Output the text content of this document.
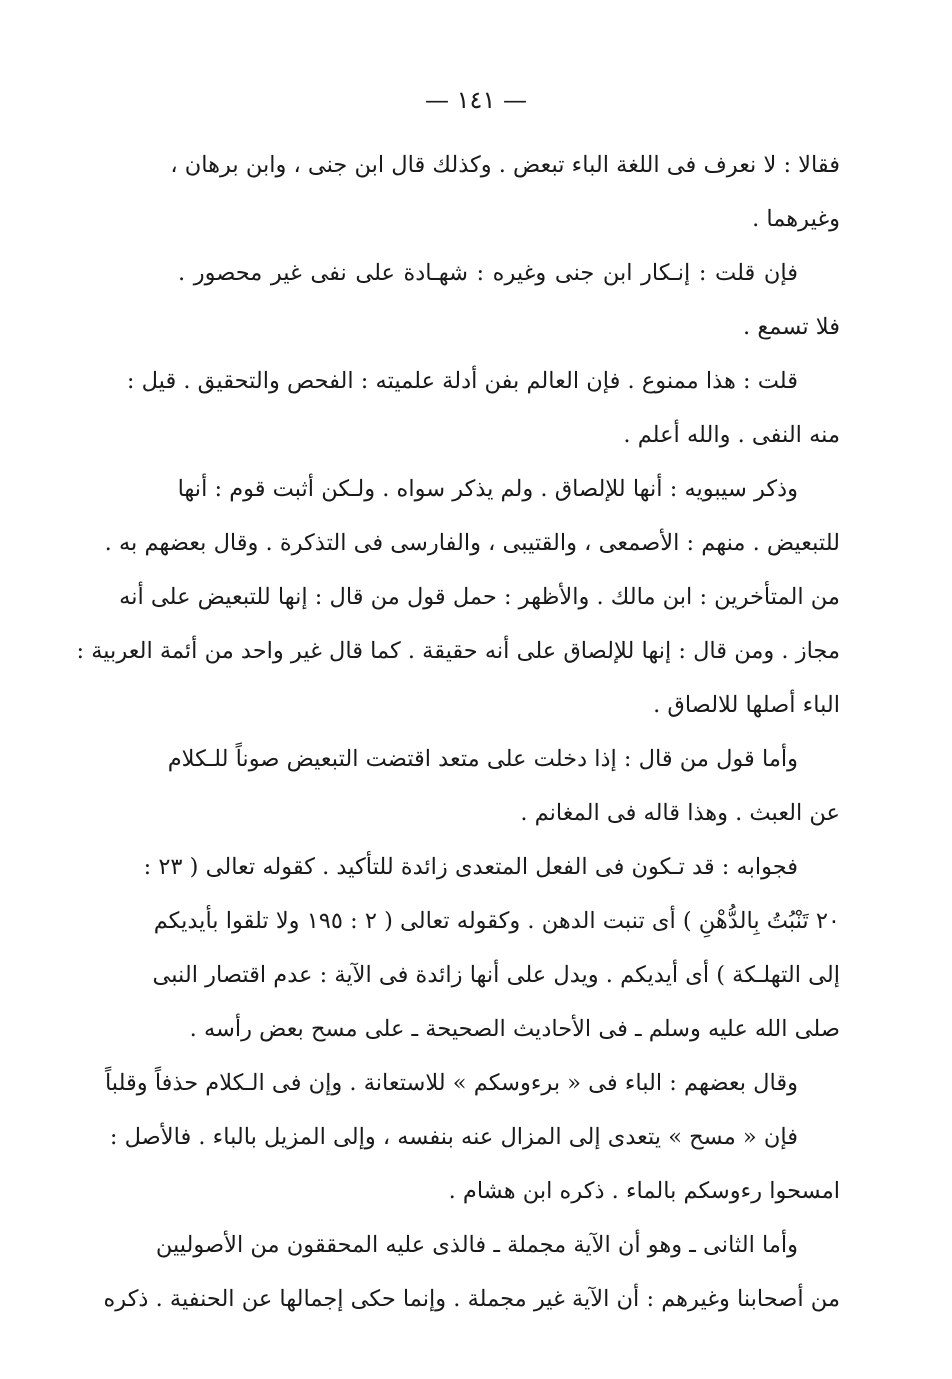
— ١٤١ —
فقالا : لا نعرف فى اللغة الباء تبعض . وكذلك قال ابن جنى ، وابن برهان ،
وغيرهما .
فإن قلت : إنـكار ابن جنى وغيره : شهـادة على نفى غير محصور .
فلا تسمع .
قلت : هذا ممنوع . فإن العالم بفن أدلة علميته : الفحص والتحقيق . قيل :
منه النفى . والله أعلم .
وذكر سيبويه : أنها للإلصاق . ولم يذكر سواه . ولـكن أثبت قوم : أنها
للتبعيض . منهم : الأصمعى ، والقتيبى ، والفارسى فى التذكرة . وقال بعضهم به .
من المتأخرين : ابن مالك . والأظهر : حمل قول من قال : إنها للتبعيض على أنه
مجاز . ومن قال : إنها للإلصاق على أنه حقيقة . كما قال غير واحد من أئمة العربية :
الباء أصلها للالصاق .
وأما قول من قال : إذا دخلت على متعد اقتضت التبعيض صوناً للـكلام
عن العبث . وهذا قاله فى المغانم .
فجوابه : قد تـكون فى الفعل المتعدى زائدة للتأكيد . كقوله تعالى ( ٢٣ :
٢٠ تَنْبُتُ بِالدُّهْنِ ) أى تنبت الدهن . وكقوله تعالى ( ٢ : ١٩٥ ولا تلقوا بأيديكم
إلى التهلـكة ) أى أيديكم . ويدل على أنها زائدة فى الآية : عدم اقتصار النبى
صلى الله عليه وسلم ـ فى الأحاديث الصحيحة ـ على مسح بعض رأسه .
وقال بعضهم : الباء فى « برءوسكم » للاستعانة . وإن فى الـكلام حذفاً وقلباً
فإن « مسح » يتعدى إلى المزال عنه بنفسه ، وإلى المزيل بالباء . فالأصل :
امسحوا رءوسكم بالماء . ذكره ابن هشام .
وأما الثانى ـ وهو أن الآية مجملة ـ فالذى عليه المحققون من الأصوليين
من أصحابنا وغيرهم : أن الآية غير مجملة . وإنما حكى إجمالها عن الحنفية . ذكره
